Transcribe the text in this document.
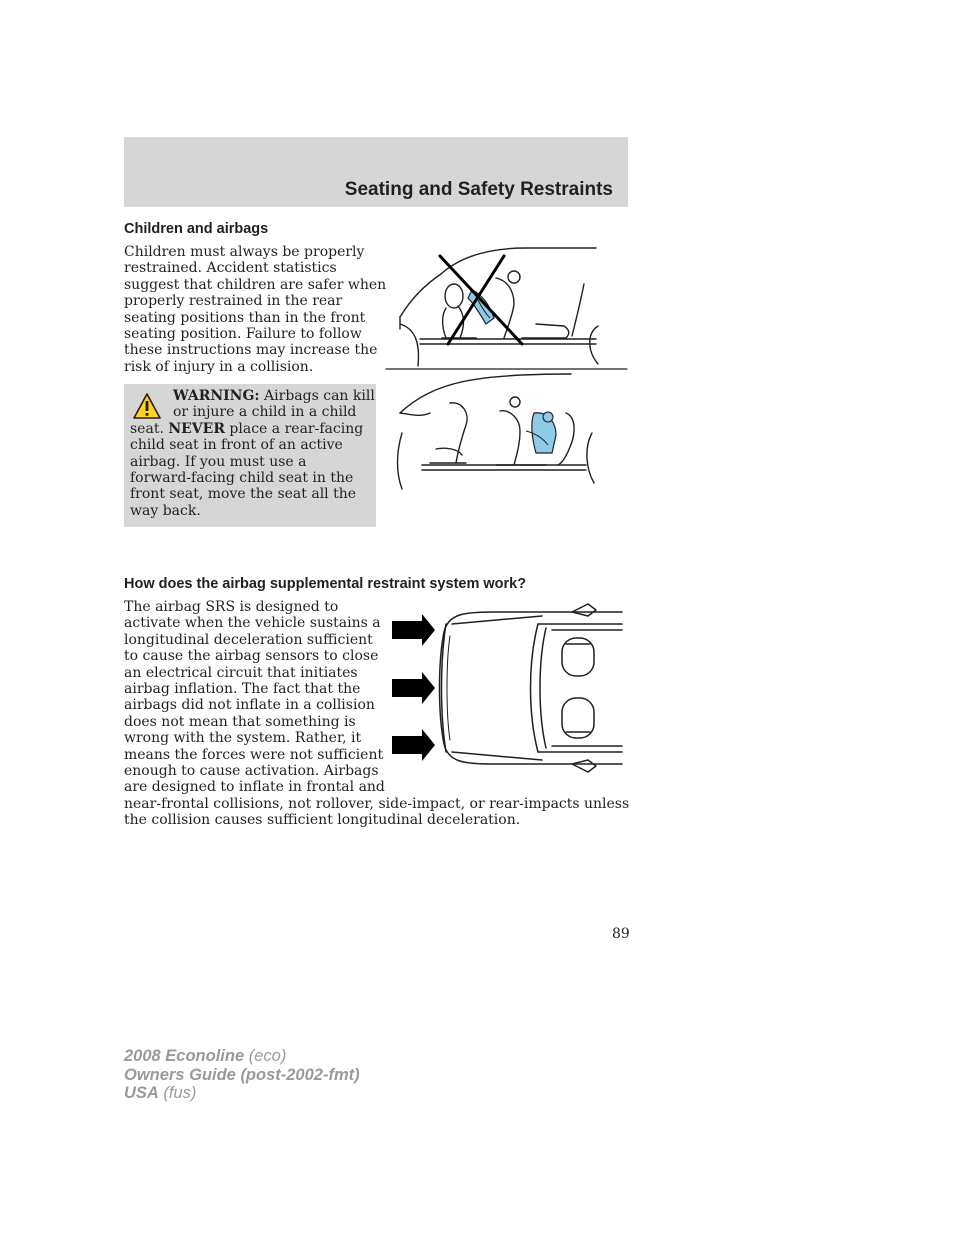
Seating and Safety Restraints
Children and airbags
Children must always be properly
restrained. Accident statistics
suggest that children are safer when
properly restrained in the rear
seating positions than in the front
seating position. Failure to follow
these instructions may increase the
risk of injury in a collision.
WARNING: Airbags can kill
or injure a child in a child
seat. NEVER place a rear-facing
child seat in front of an active
airbag. If you must use a
forward-facing child seat in the
front seat, move the seat all the
way back.
How does the airbag supplemental restraint system work?
The airbag SRS is designed to
activate when the vehicle sustains a
longitudinal deceleration sufficient
to cause the airbag sensors to close
an electrical circuit that initiates
airbag inflation. The fact that the
airbags did not inflate in a collision
does not mean that something is
wrong with the system. Rather, it
means the forces were not sufficient
enough to cause activation. Airbags
are designed to inflate in frontal and
near-frontal collisions, not rollover, side-impact, or rear-impacts unless
the collision causes sufficient longitudinal deceleration.
89
2008 Econoline (eco)
Owners Guide (post-2002-fmt)
USA (fus)
